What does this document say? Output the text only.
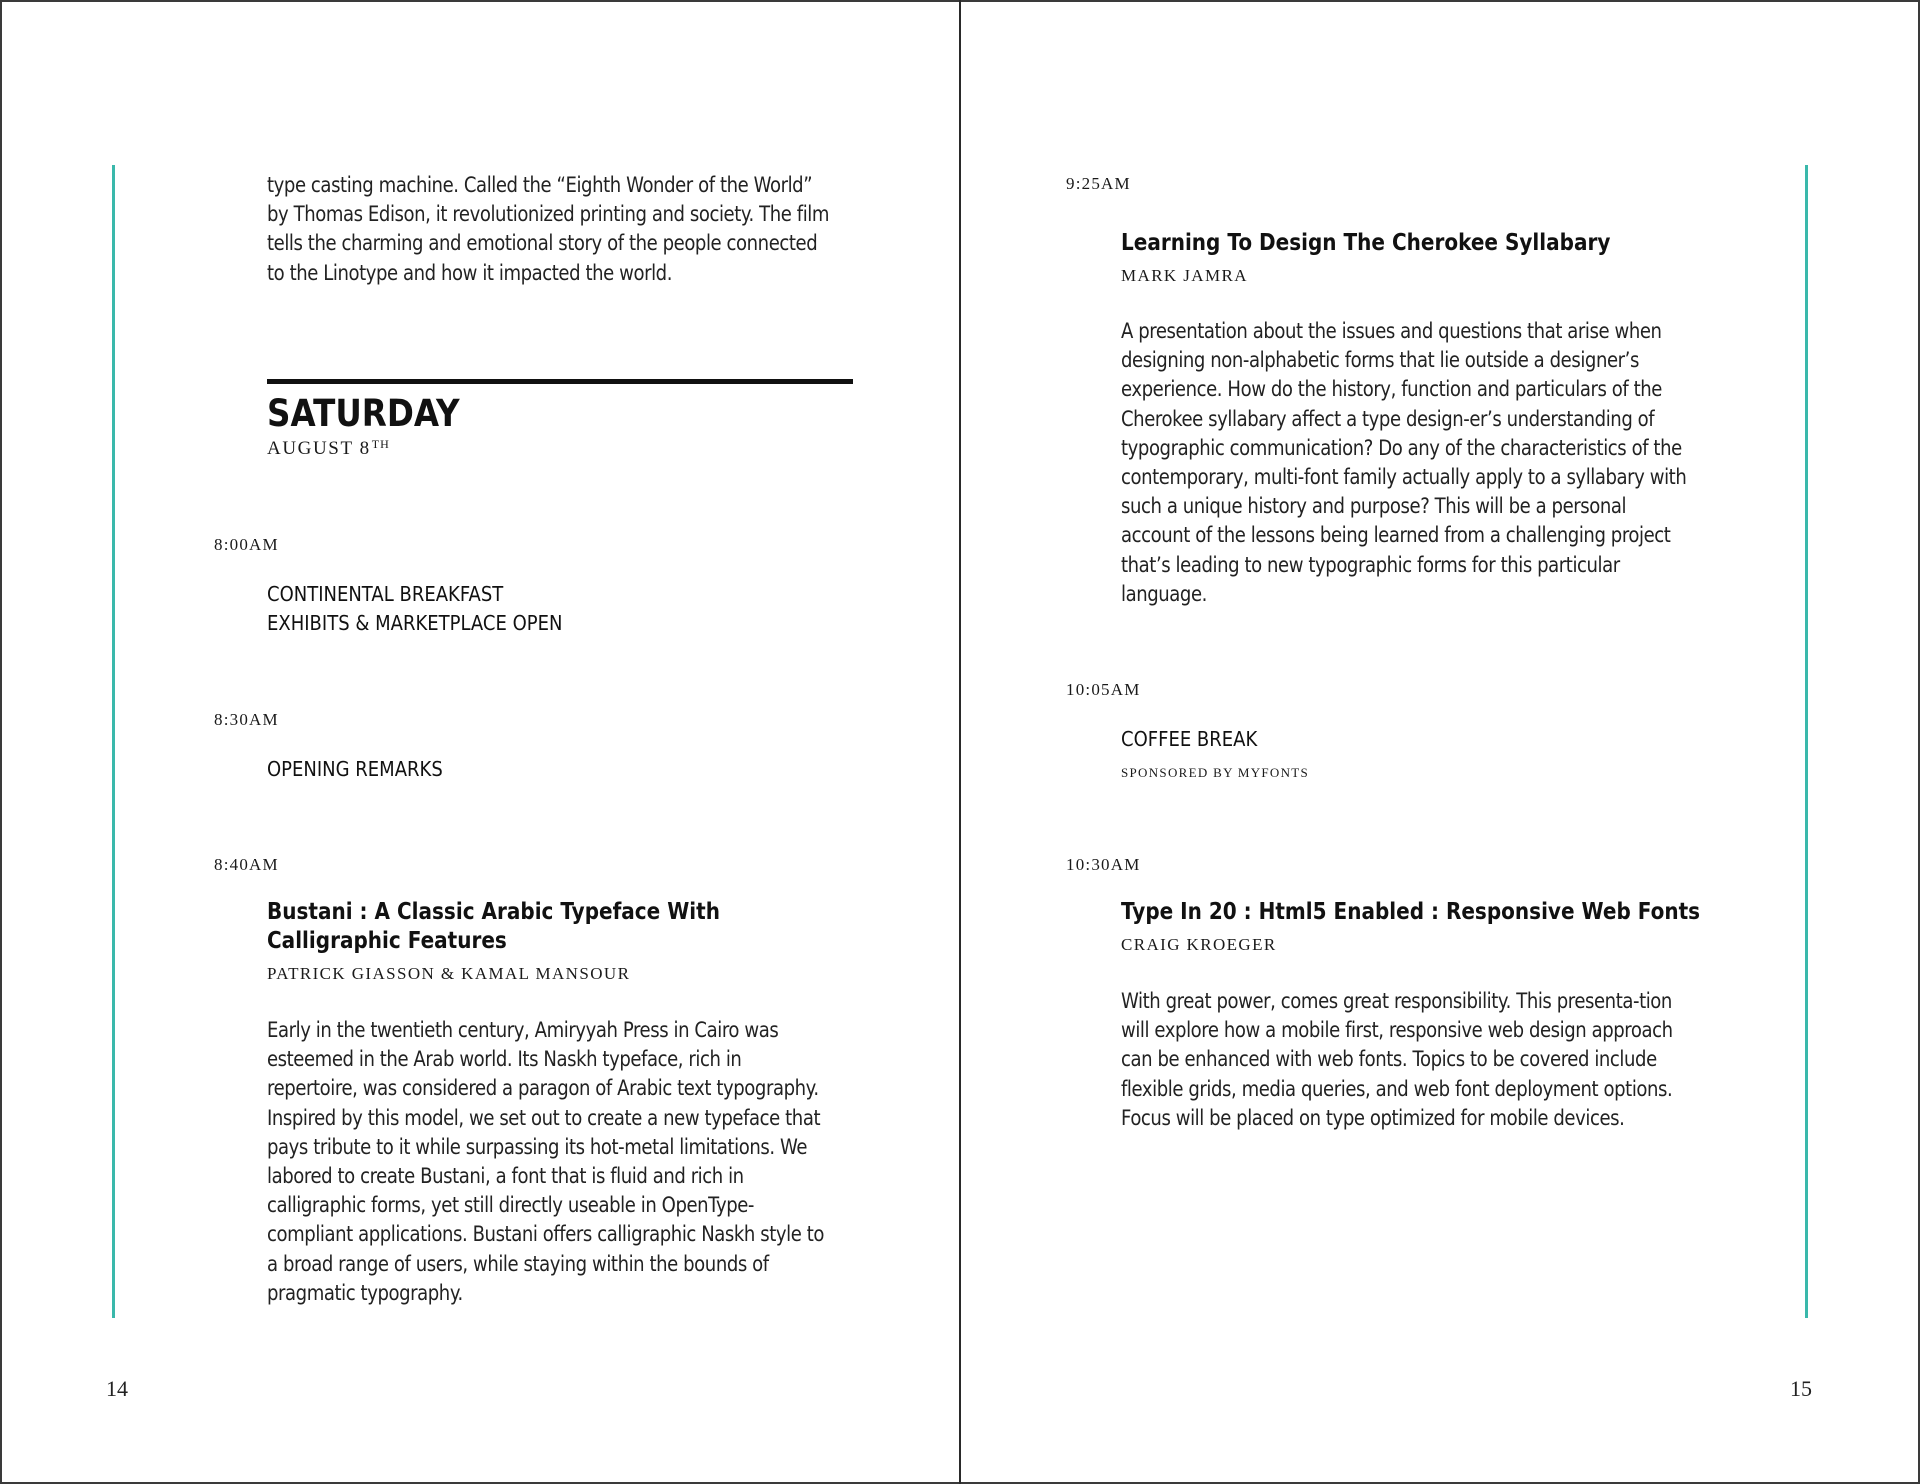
type casting machine. Called the “Eighth Wonder of the World” by Thomas Edison, it revolutionized printing and society. The film tells the charming and emotional story of the people connected to the Linotype and how it impacted the world.

SATURDAY
AUGUST 8TH
8:00AM
CONTINENTAL BREAKFAST
EXHIBITS & MARKETPLACE OPEN
8:30AM
OPENING REMARKS
8:40AM
Bustani : A Classic Arabic Typeface With
Calligraphic Features
PATRICK GIASSON & KAMAL MANSOUR

Early in the twentieth century, Amiryyah Press in Cairo was esteemed in the Arab world. Its Naskh typeface, rich in repertoire, was considered a paragon of Arabic text typography. Inspired by this model, we set out to create a new typeface that pays tribute to it while surpassing its hot-metal limitations. We labored to create Bustani, a font that is fluid and rich in calligraphic forms, yet still directly useable in OpenType-compliant applications. Bustani offers calligraphic Naskh style to a broad range of users, while staying within the bounds of pragmatic typography.

14
9:25AM
Learning To Design The Cherokee Syllabary
MARK JAMRA

A presentation about the issues and questions that arise when designing non-alphabetic forms that lie outside a designer’s experience. How do the history, function and particulars of the Cherokee syllabary affect a type design-er’s understanding of typographic communication? Do any of the characteristics of the contemporary, multi-font family actually apply to a syllabary with such a unique history and purpose? This will be a personal account of the lessons being learned from a challenging project that’s leading to new typographic forms for this particular language.

10:05AM
COFFEE BREAK
SPONSORED BY MYFONTS
10:30AM
Type In 20 : Html5 Enabled : Responsive Web Fonts
CRAIG KROEGER

With great power, comes great responsibility. This presenta-tion will explore how a mobile first, responsive web design approach can be enhanced with web fonts. Topics to be covered include flexible grids, media queries, and web font deployment options. Focus will be placed on type optimized for mobile devices.

15
